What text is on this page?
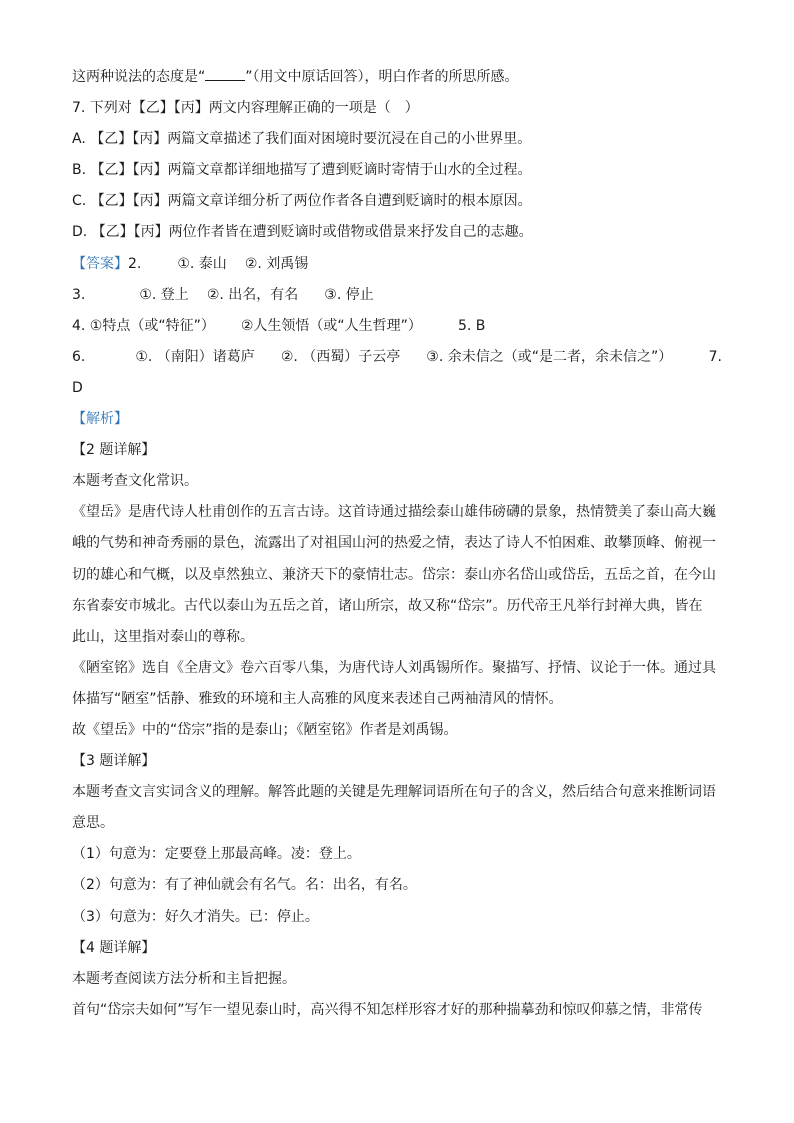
这两种说法的态度是“	”（用文中原话回答），明白作者的所思所感。
7. 下列对【乙】【丙】两文内容理解正确的一项是（　）
A. 【乙】【丙】两篇文章描述了我们面对困境时要沉浸在自己的小世界里。
B. 【乙】【丙】两篇文章都详细地描写了遭到贬谪时寄情于山水的全过程。
C. 【乙】【丙】两篇文章详细分析了两位作者各自遭到贬谪时的根本原因。
D. 【乙】【丙】两位作者皆在遭到贬谪时或借物或借景来抒发自己的志趣。
【答案】2.	①. 泰山 ②. 刘禹锡
3.	①. 登上 ②. 出名，有名 ③. 停止
4. ①特点（或“特征”） ②人生领悟（或“人生哲理”）	5. B
6.	①. （南阳）诸葛庐 ②. （西蜀）子云亭 ③. 余未信之（或“是二者，余未信之”）	7.
D
【解析】
【2 题详解】
本题考查文化常识。
《望岳》是唐代诗人杜甫创作的五言古诗。这首诗通过描绘泰山雄伟磅礴的景象，热情赞美了泰山高大巍
峨的气势和神奇秀丽的景色，流露出了对祖国山河的热爱之情，表达了诗人不怕困难、敢攀顶峰、俯视一
切的雄心和气概，以及卓然独立、兼济天下的豪情壮志。岱宗：泰山亦名岱山或岱岳，五岳之首，在今山
东省泰安市城北。古代以泰山为五岳之首，诸山所宗，故又称“岱宗”。历代帝王凡举行封禅大典，皆在
此山，这里指对泰山的尊称。
《陋室铭》选自《全唐文》卷六百零八集，为唐代诗人刘禹锡所作。聚描写、抒情、议论于一体。通过具
体描写“陋室”恬静、雅致的环境和主人高雅的风度来表述自己两袖清风的情怀。
故《望岳》中的“岱宗”指的是泰山；《陋室铭》作者是刘禹锡。
【3 题详解】
本题考查文言实词含义的理解。解答此题的关键是先理解词语所在句子的含义，然后结合句意来推断词语
意思。
（1）句意为：定要登上那最高峰。凌：登上。
（2）句意为：有了神仙就会有名气。名：出名，有名。
（3）句意为：好久才消失。已：停止。
【4 题详解】
本题考查阅读方法分析和主旨把握。
首句“岱宗夫如何”写乍一望见泰山时，高兴得不知怎样形容才好的那种揣摹劲和惊叹仰慕之情，非常传
